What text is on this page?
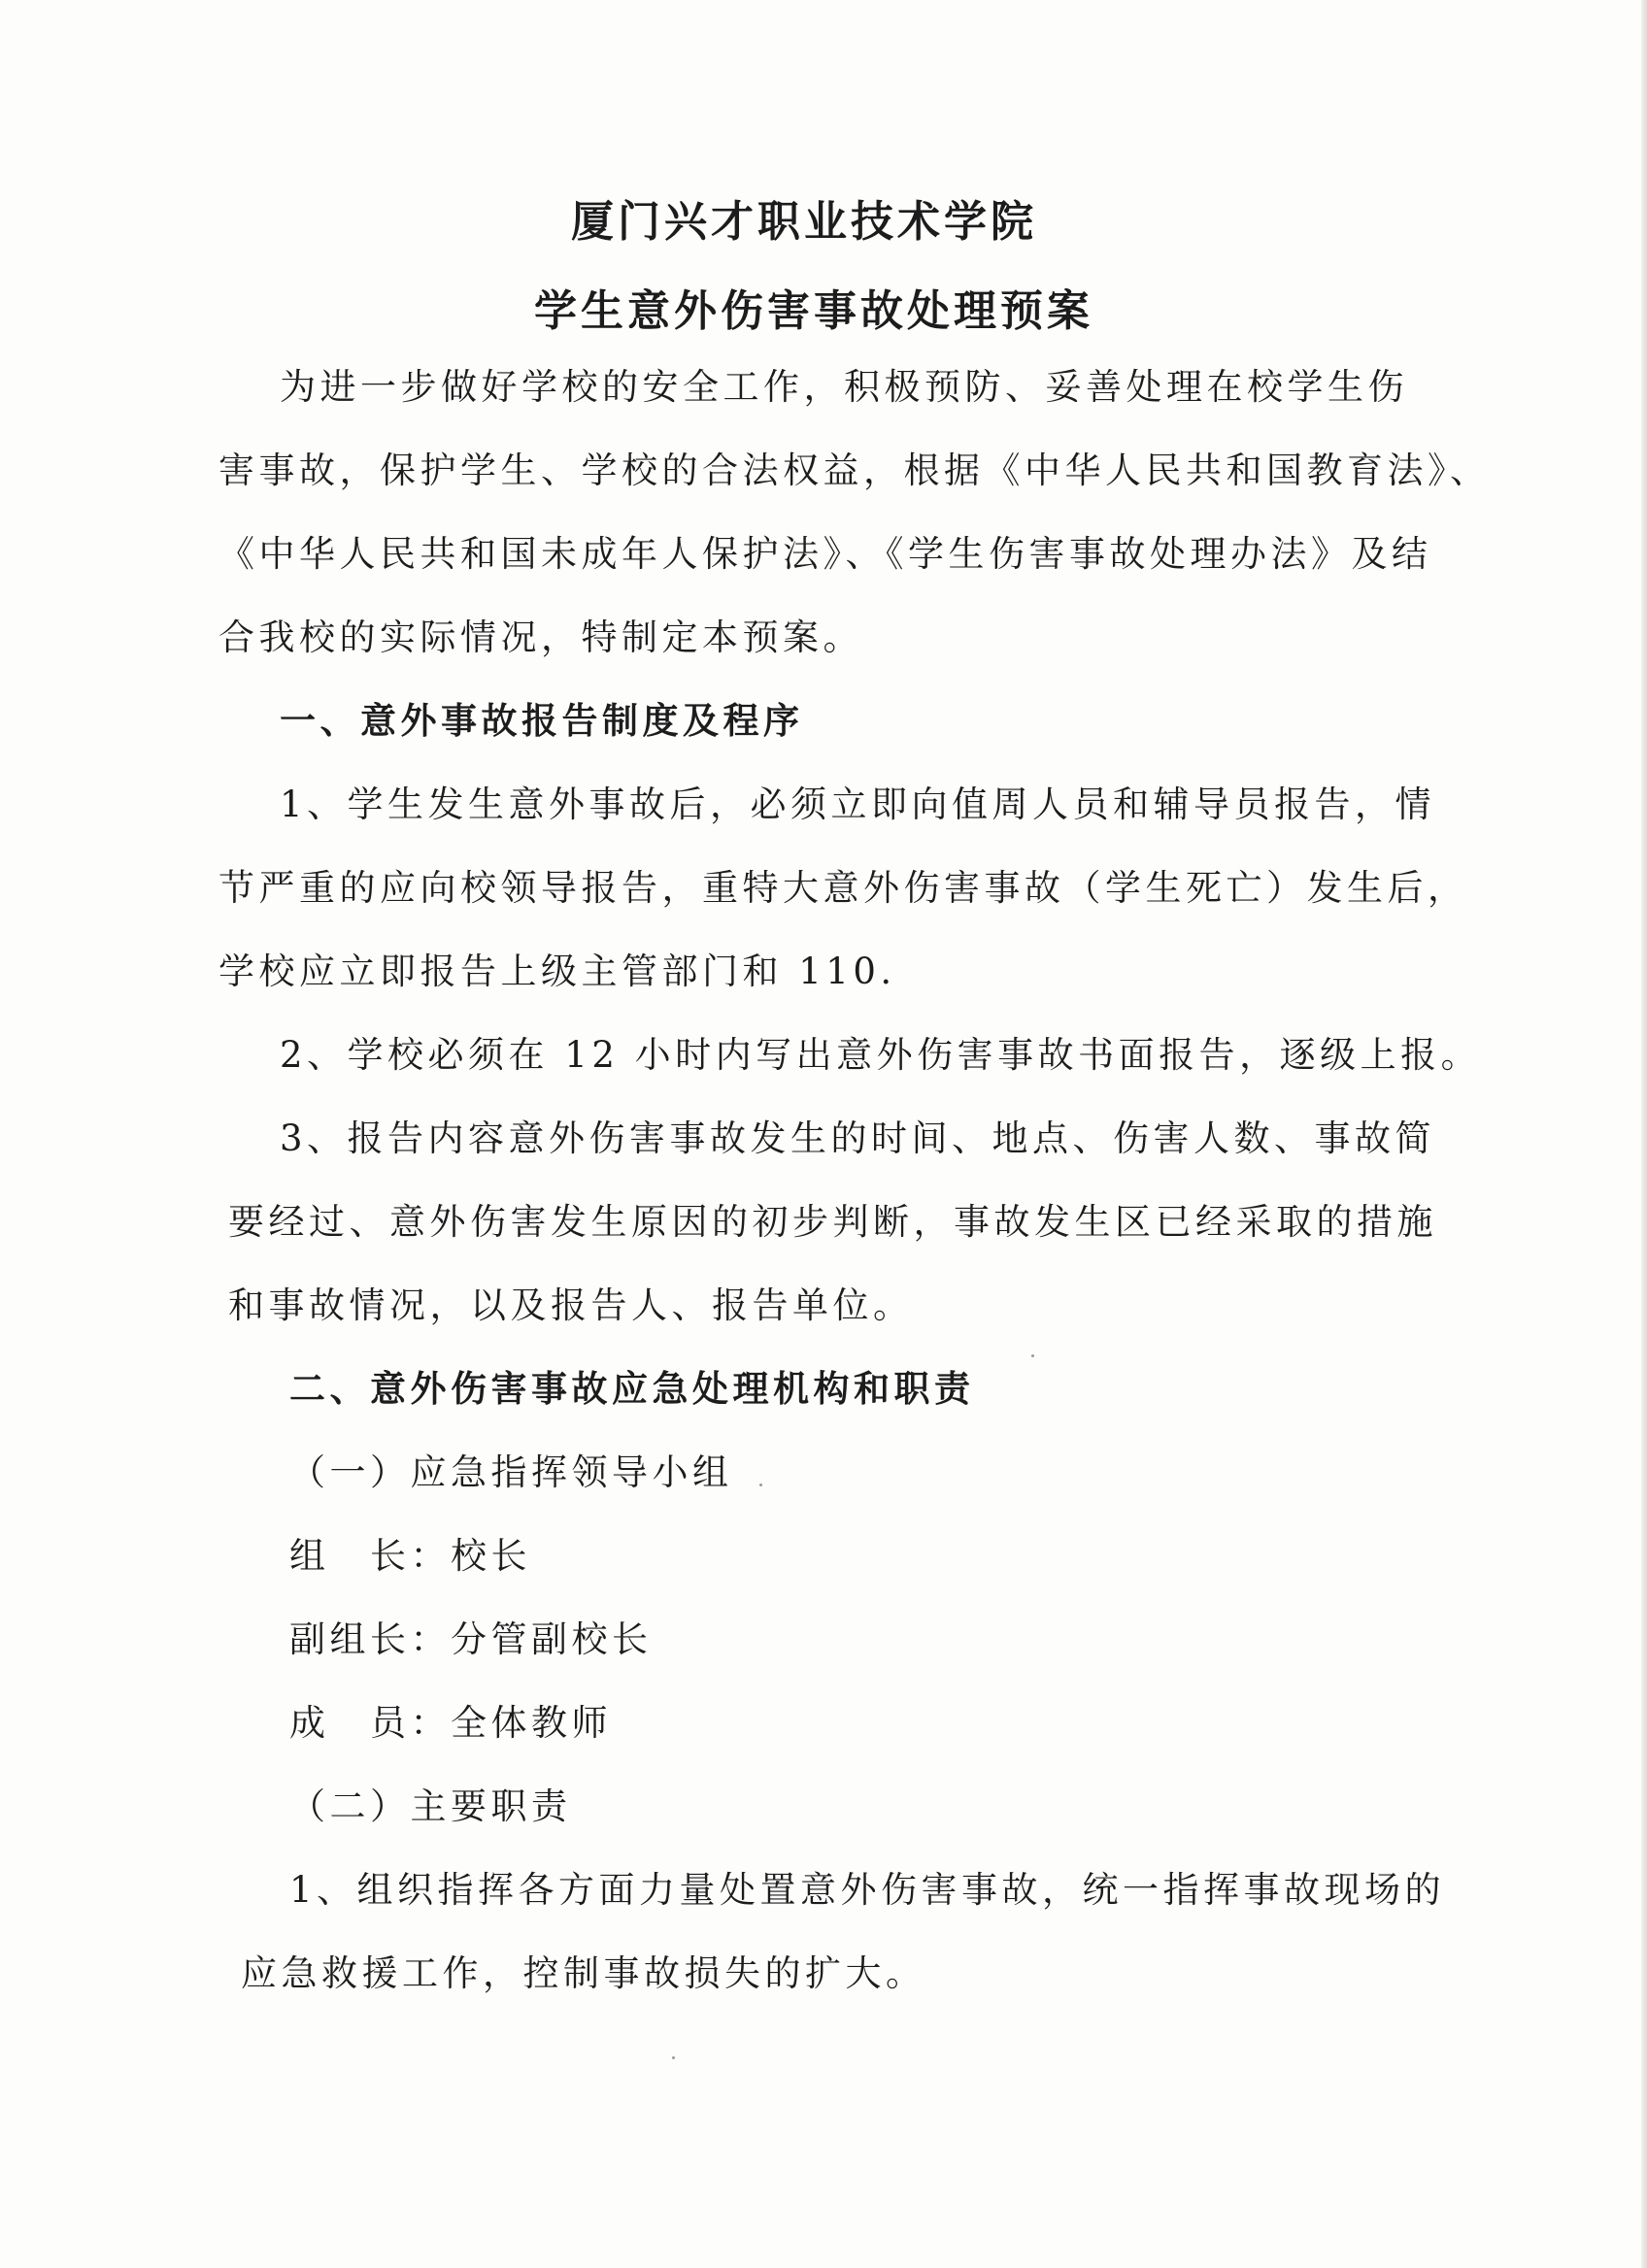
厦门兴才职业技术学院
学生意外伤害事故处理预案
为进一步做好学校的安全工作，积极预防、妥善处理在校学生伤
害事故，保护学生、学校的合法权益，根据《中华人民共和国教育法》、
《中华人民共和国未成年人保护法》、《学生伤害事故处理办法》及结
合我校的实际情况，特制定本预案。
一、意外事故报告制度及程序
1、学生发生意外事故后，必须立即向值周人员和辅导员报告，情
节严重的应向校领导报告，重特大意外伤害事故（学生死亡）发生后，
学校应立即报告上级主管部门和 110.
2、学校必须在 12 小时内写出意外伤害事故书面报告，逐级上报。
3、报告内容意外伤害事故发生的时间、地点、伤害人数、事故简
要经过、意外伤害发生原因的初步判断，事故发生区已经采取的措施
和事故情况，以及报告人、报告单位。
二、意外伤害事故应急处理机构和职责
（一）应急指挥领导小组
组　长：校长
副组长：分管副校长
成　员：全体教师
（二）主要职责
1、组织指挥各方面力量处置意外伤害事故，统一指挥事故现场的
应急救援工作，控制事故损失的扩大。
